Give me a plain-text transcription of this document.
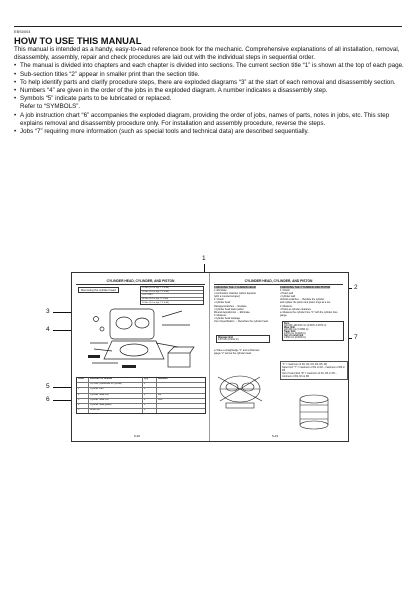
EBS0004
HOW TO USE THIS MANUAL

This manual is intended as a handy, easy-to-read reference book for the mechanic. Comprehensive explanations of all installation, removal, disassembly, assembly, repair and check procedures are laid out with the individual steps in sequential order.

• The manual is divided into chapters and each chapter is divided into sections. The current section title “1” is shown at the top of each page.
• Sub-section titles “2” appear in smaller print than the section title.
• To help identify parts and clarify procedure steps, there are exploded diagrams “3” at the start of each removal and disassembly section.
• Numbers “4” are given in the order of the jobs in the exploded diagram. A number indicates a disassembly step.
• Symbols “5” indicate parts to be lubricated or replaced.
Refer to “SYMBOLS”.
• A job instruction chart “6” accompanies the exploded diagram, providing the order of jobs, names of parts, notes in jobs, etc. This step explains removal and disassembly procedure only. For installation and assembly procedure, reverse the steps.
• Jobs “7” requiring more information (such as special tools and technical data) are described sequentially.
1
3
4
5
6
2
7
CYLINDER HEAD, CYLINDER, AND PISTON
Removing the cylinder head	10 Nm (1.0 m·kgf, 7.2 ft·lbf)
10 Nm (1.0 m·kgf, 7.2 ft·lbf)
LOCTITE®
38 Nm (3.8 m·kgf, 27 ft·lbf)
10 Nm (1.0 m·kgf, 7.2 ft·lbf)
Order	Job/Parts to remove	Q'ty	Remarks
Oil hose (crankcase to cylinder)	1
1	Cylinder stud	1
2	Cylinder head bolt	4	M8
3	Cylinder head bolt	2	M12
4	Cylinder head gasket	1
5	Dowel pin	2
5-20
CYLINDER HEAD, CYLINDER, AND PISTON
CHECKING THE CYLINDER HEAD
1. Eliminate:
• Combustion chamber carbon deposits
(with a rounded scraper)
2. Check:
• Cylinder head
Damage/scratches → Replace.
• Cylinder head water jacket
Mineral deposits/rust → Eliminate.
3. Measure:
• Cylinder head warpage
Out of specification → Resurface the cylinder head.
Warpage limit
0.03 mm (0.0012 in)
a. Place a straightedge "1" and a thickness
gauge "2" across the cylinder head.
CHECKING THE CYLINDER AND PISTON
1. Check:
• Piston wall
• Cylinder wall
Vertical scratches → Replace the cylinder,
and replace the piston and piston rings as a set.
2. Measure:
• Piston-to-cylinder clearance
a. Measure the cylinder bore "C" with the cylinder bore gauge.
Bore
100.000–100.010 mm (3.9370–3.9374 in)
Wear limit
100.060 mm (3.9394 in)
Taper limit
0.050 mm (0.0020 in)
Out of round limit
0.050 mm (0.0020 in)
"C" = maximum of D1, D2, D3, D4, D5, D6
Taper limit "T" = maximum of D1 or D2 – maximum of D5 or D6
Out of round limit "R" = maximum of D1, D3 or D5 – minimum of D2, D4 or D6
5-23
